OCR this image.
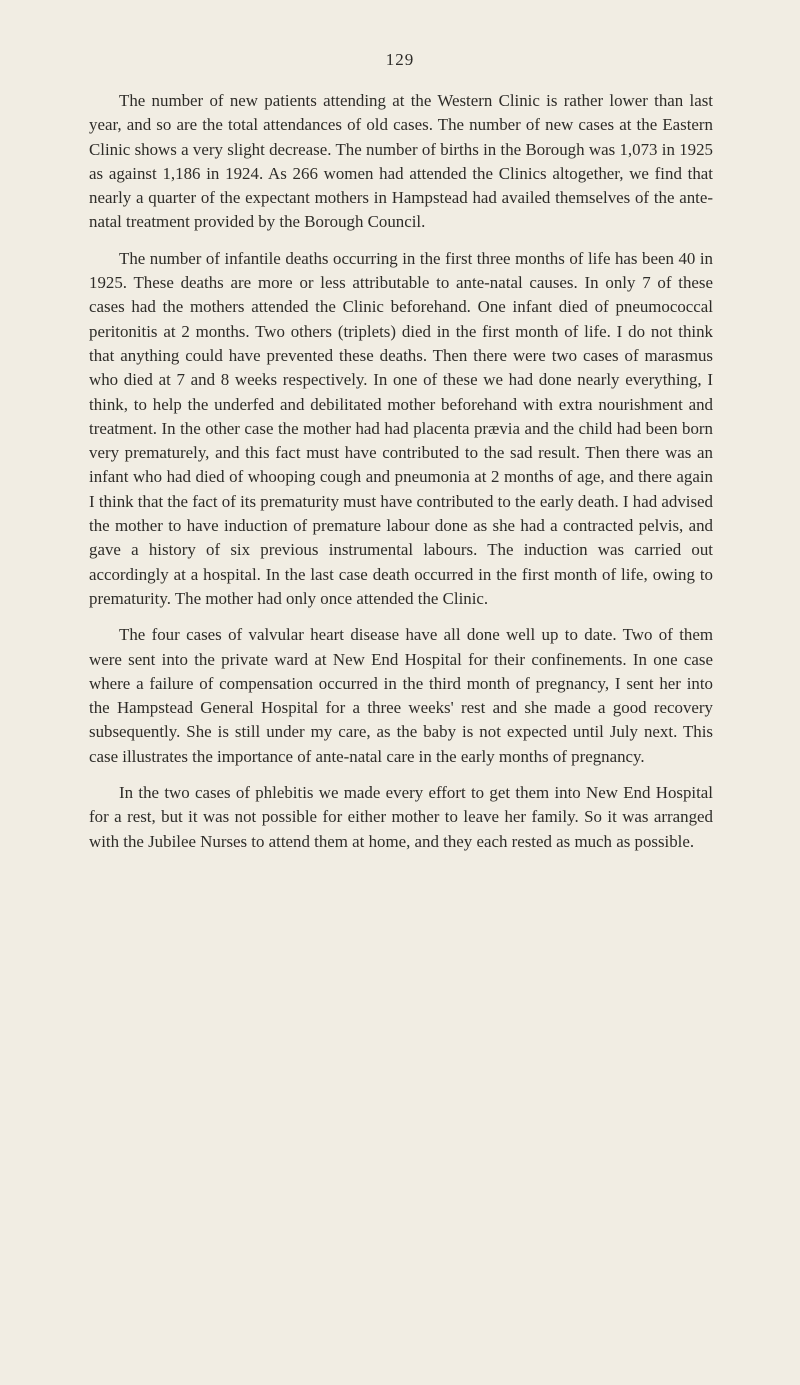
129

The number of new patients attending at the Western Clinic is rather lower than last year, and so are the total attendances of old cases. The number of new cases at the Eastern Clinic shows a very slight decrease. The number of births in the Borough was 1,073 in 1925 as against 1,186 in 1924. As 266 women had attended the Clinics altogether, we find that nearly a quarter of the expectant mothers in Hampstead had availed themselves of the ante-natal treatment provided by the Borough Council.

The number of infantile deaths occurring in the first three months of life has been 40 in 1925. These deaths are more or less attributable to ante-natal causes. In only 7 of these cases had the mothers attended the Clinic beforehand. One infant died of pneumococcal peritonitis at 2 months. Two others (triplets) died in the first month of life. I do not think that anything could have prevented these deaths. Then there were two cases of marasmus who died at 7 and 8 weeks respectively. In one of these we had done nearly everything, I think, to help the underfed and debilitated mother beforehand with extra nourishment and treatment. In the other case the mother had had placenta prævia and the child had been born very prematurely, and this fact must have contributed to the sad result. Then there was an infant who had died of whooping cough and pneumonia at 2 months of age, and there again I think that the fact of its prematurity must have contributed to the early death. I had advised the mother to have induction of premature labour done as she had a contracted pelvis, and gave a history of six previous instrumental labours. The induction was carried out accordingly at a hospital. In the last case death occurred in the first month of life, owing to prematurity. The mother had only once attended the Clinic.

The four cases of valvular heart disease have all done well up to date. Two of them were sent into the private ward at New End Hospital for their confinements. In one case where a failure of compensation occurred in the third month of pregnancy, I sent her into the Hampstead General Hospital for a three weeks' rest and she made a good recovery subsequently. She is still under my care, as the baby is not expected until July next. This case illustrates the importance of ante-natal care in the early months of pregnancy.

In the two cases of phlebitis we made every effort to get them into New End Hospital for a rest, but it was not possible for either mother to leave her family. So it was arranged with the Jubilee Nurses to attend them at home, and they each rested as much as possible.
